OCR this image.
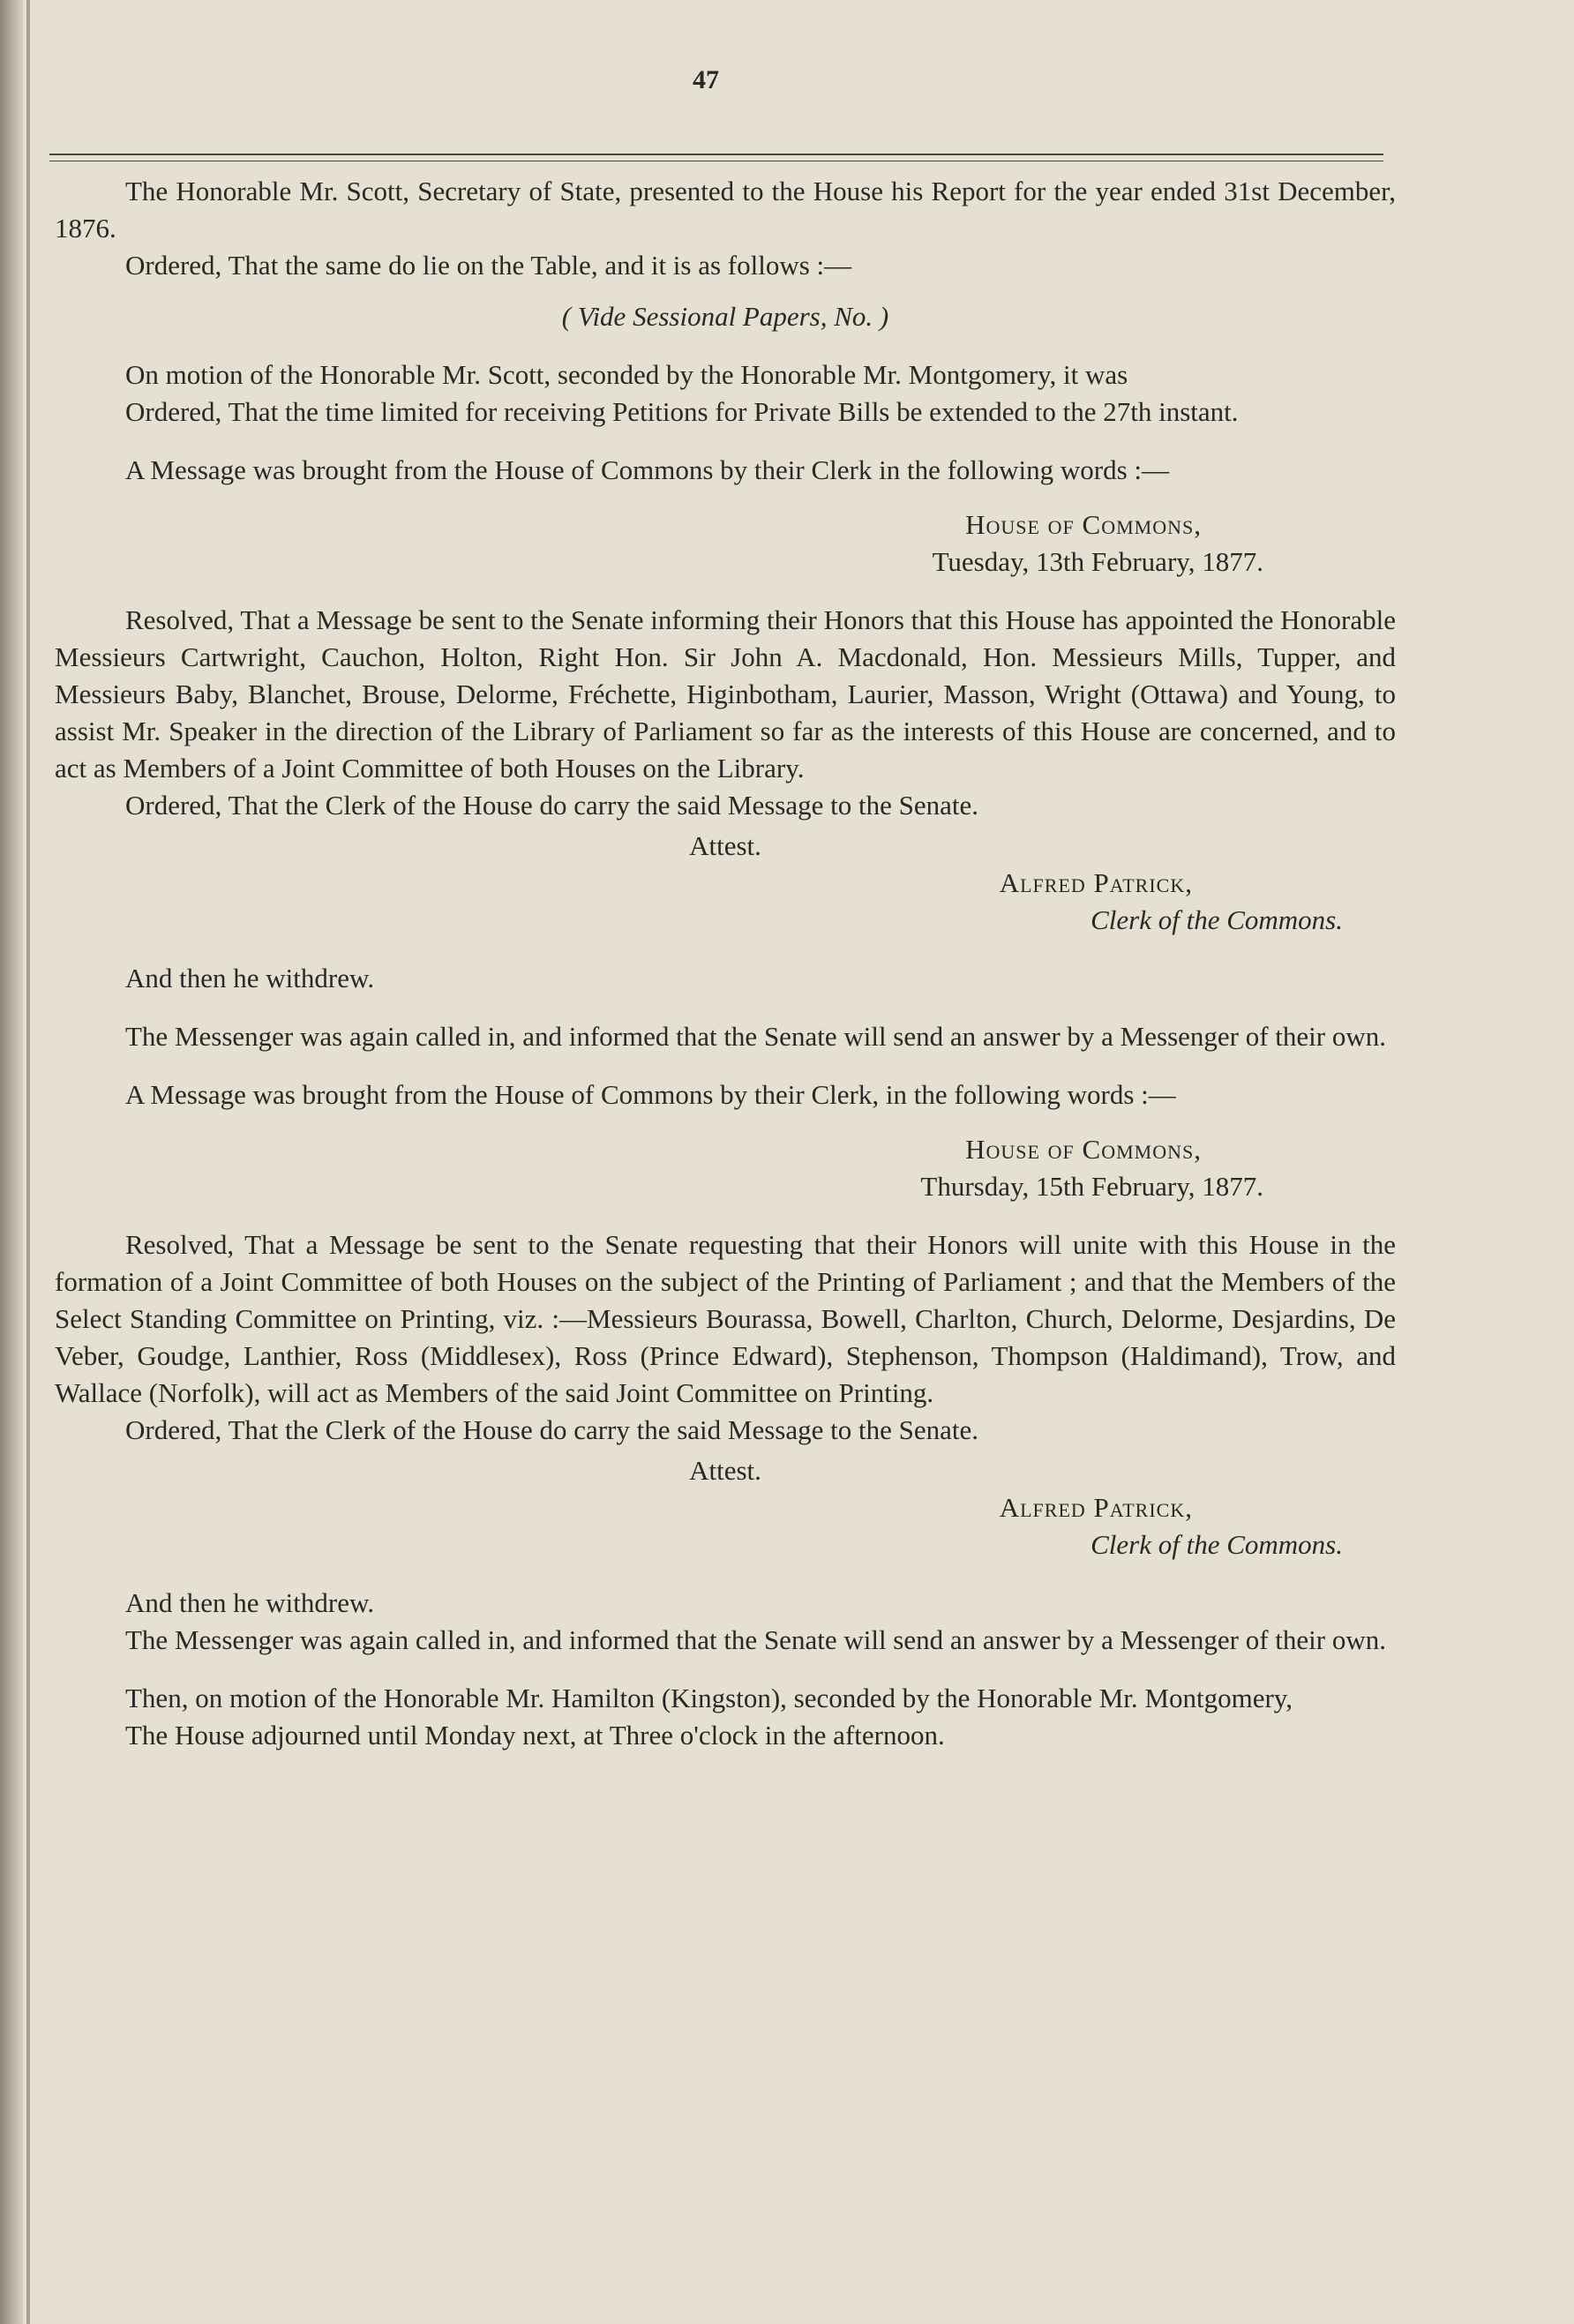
47

The Honorable Mr. Scott, Secretary of State, presented to the House his Report for the year ended 31st December, 1876.

Ordered, That the same do lie on the Table, and it is as follows :—

( Vide Sessional Papers, No. )

On motion of the Honorable Mr. Scott, seconded by the Honorable Mr. Montgomery, it was

Ordered, That the time limited for receiving Petitions for Private Bills be extended to the 27th instant.

A Message was brought from the House of Commons by their Clerk in the following words :—

House of Commons,

Tuesday, 13th February, 1877.

Resolved, That a Message be sent to the Senate informing their Honors that this House has appointed the Honorable Messieurs Cartwright, Cauchon, Holton, Right Hon. Sir John A. Macdonald, Hon. Messieurs Mills, Tupper, and Messieurs Baby, Blanchet, Brouse, Delorme, Fréchette, Higinbotham, Laurier, Masson, Wright (Ottawa) and Young, to assist Mr. Speaker in the direction of the Library of Parliament so far as the interests of this House are concerned, and to act as Members of a Joint Committee of both Houses on the Library.

Ordered, That the Clerk of the House do carry the said Message to the Senate.

Attest.

Alfred Patrick,

Clerk of the Commons.

And then he withdrew.

The Messenger was again called in, and informed that the Senate will send an answer by a Messenger of their own.

A Message was brought from the House of Commons by their Clerk, in the following words :—

House of Commons,

Thursday, 15th February, 1877.

Resolved, That a Message be sent to the Senate requesting that their Honors will unite with this House in the formation of a Joint Committee of both Houses on the subject of the Printing of Parliament ; and that the Members of the Select Standing Committee on Printing, viz. :—Messieurs Bourassa, Bowell, Charlton, Church, Delorme, Desjardins, De Veber, Goudge, Lanthier, Ross (Middlesex), Ross (Prince Edward), Stephenson, Thompson (Haldimand), Trow, and Wallace (Norfolk), will act as Members of the said Joint Committee on Printing.

Ordered, That the Clerk of the House do carry the said Message to the Senate.

Attest.

Alfred Patrick,

Clerk of the Commons.

And then he withdrew.

The Messenger was again called in, and informed that the Senate will send an answer by a Messenger of their own.

Then, on motion of the Honorable Mr. Hamilton (Kingston), seconded by the Honorable Mr. Montgomery,

The House adjourned until Monday next, at Three o'clock in the afternoon.
